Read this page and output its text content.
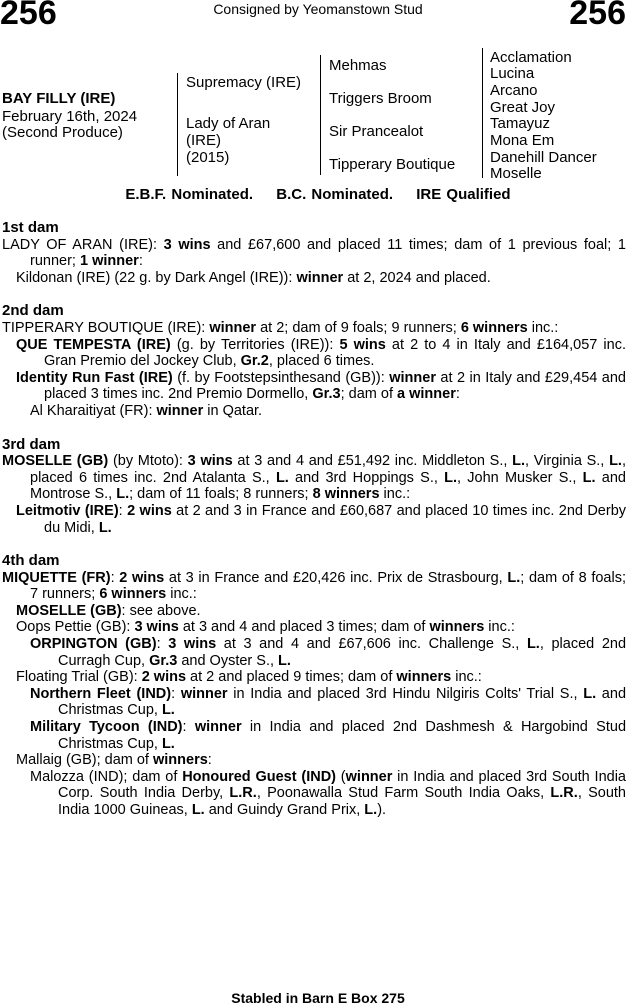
256	Consigned by Yeomanstown Stud	256
BAY FILLY (IRE)
February 16th, 2024
(Second Produce)
Supremacy (IRE)
Lady of Aran
(IRE)
(2015)
Mehmas
Triggers Broom
Sir Prancealot
Tipperary Boutique
Acclamation
Lucina
Arcano
Great Joy
Tamayuz
Mona Em
Danehill Dancer
Moselle
E.B.F. Nominated. B.C. Nominated. IRE Qualified
1st dam
LADY OF ARAN (IRE): 3 wins and £67,600 and placed 11 times; dam of 1 previous foal; 1 runner; 1 winner:
Kildonan (IRE) (22 g. by Dark Angel (IRE)): winner at 2, 2024 and placed.
2nd dam
TIPPERARY BOUTIQUE (IRE): winner at 2; dam of 9 foals; 9 runners; 6 winners inc.:
QUE TEMPESTA (IRE) (g. by Territories (IRE)): 5 wins at 2 to 4 in Italy and £164,057 inc. Gran Premio del Jockey Club, Gr.2, placed 6 times.
Identity Run Fast (IRE) (f. by Footstepsinthesand (GB)): winner at 2 in Italy and £29,454 and placed 3 times inc. 2nd Premio Dormello, Gr.3; dam of a winner:
Al Kharaitiyat (FR): winner in Qatar.
3rd dam
MOSELLE (GB) (by Mtoto): 3 wins at 3 and 4 and £51,492 inc. Middleton S., L., Virginia S., L., placed 6 times inc. 2nd Atalanta S., L. and 3rd Hoppings S., L., John Musker S., L. and Montrose S., L.; dam of 11 foals; 8 runners; 8 winners inc.:
Leitmotiv (IRE): 2 wins at 2 and 3 in France and £60,687 and placed 10 times inc. 2nd Derby du Midi, L.
4th dam
MIQUETTE (FR): 2 wins at 3 in France and £20,426 inc. Prix de Strasbourg, L.; dam of 8 foals; 7 runners; 6 winners inc.:
MOSELLE (GB): see above.
Oops Pettie (GB): 3 wins at 3 and 4 and placed 3 times; dam of winners inc.:
ORPINGTON (GB): 3 wins at 3 and 4 and £67,606 inc. Challenge S., L., placed 2nd Curragh Cup, Gr.3 and Oyster S., L.
Floating Trial (GB): 2 wins at 2 and placed 9 times; dam of winners inc.:
Northern Fleet (IND): winner in India and placed 3rd Hindu Nilgiris Colts' Trial S., L. and Christmas Cup, L.
Military Tycoon (IND): winner in India and placed 2nd Dashmesh & Hargobind Stud Christmas Cup, L.
Mallaig (GB); dam of winners:
Malozza (IND); dam of Honoured Guest (IND) (winner in India and placed 3rd South India Corp. South India Derby, L.R., Poonawalla Stud Farm South India Oaks, L.R., South India 1000 Guineas, L. and Guindy Grand Prix, L.).
Stabled in Barn E Box 275
